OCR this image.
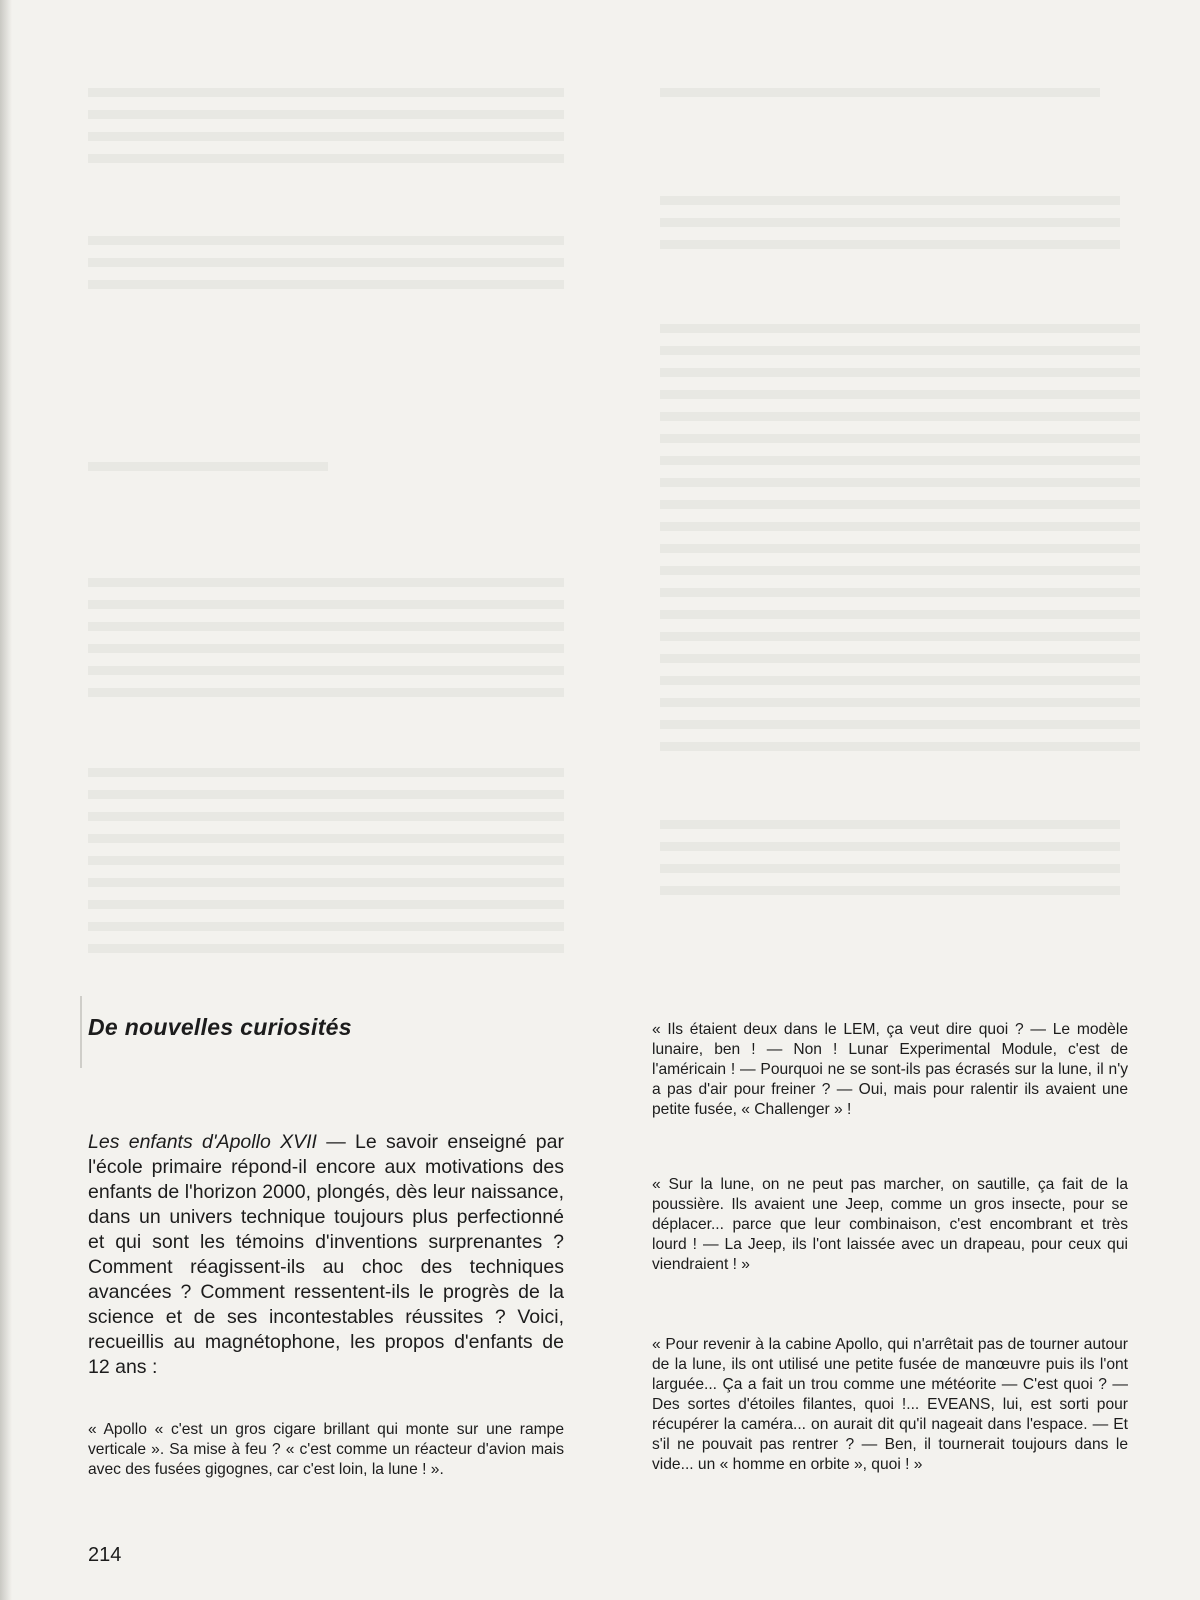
De nouvelles curiosités

Les enfants d'Apollo XVII — Le savoir enseigné par l'école primaire répond-il encore aux motivations des enfants de l'horizon 2000, plongés, dès leur naissance, dans un univers technique toujours plus perfectionné et qui sont les témoins d'inventions surprenantes ? Comment réagissent-ils au choc des techniques avancées ? Comment ressentent-ils le progrès de la science et de ses incontestables réussites ? Voici, recueillis au magnétophone, les propos d'enfants de 12 ans :

« Apollo « c'est un gros cigare brillant qui monte sur une rampe verticale ». Sa mise à feu ? « c'est comme un réacteur d'avion mais avec des fusées gigognes, car c'est loin, la lune ! ».

214

« Ils étaient deux dans le LEM, ça veut dire quoi ? — Le modèle lunaire, ben ! — Non ! Lunar Experimental Module, c'est de l'américain ! — Pourquoi ne se sont-ils pas écrasés sur la lune, il n'y a pas d'air pour freiner ? — Oui, mais pour ralentir ils avaient une petite fusée, « Challenger » !

« Sur la lune, on ne peut pas marcher, on sautille, ça fait de la poussière. Ils avaient une Jeep, comme un gros insecte, pour se déplacer... parce que leur combinaison, c'est encombrant et très lourd ! — La Jeep, ils l'ont laissée avec un drapeau, pour ceux qui viendraient ! »

« Pour revenir à la cabine Apollo, qui n'arrêtait pas de tourner autour de la lune, ils ont utilisé une petite fusée de manœuvre puis ils l'ont larguée... Ça a fait un trou comme une météorite — C'est quoi ? — Des sortes d'étoiles filantes, quoi !... EVEANS, lui, est sorti pour récupérer la caméra... on aurait dit qu'il nageait dans l'espace. — Et s'il ne pouvait pas rentrer ? — Ben, il tournerait toujours dans le vide... un « homme en orbite », quoi ! »
